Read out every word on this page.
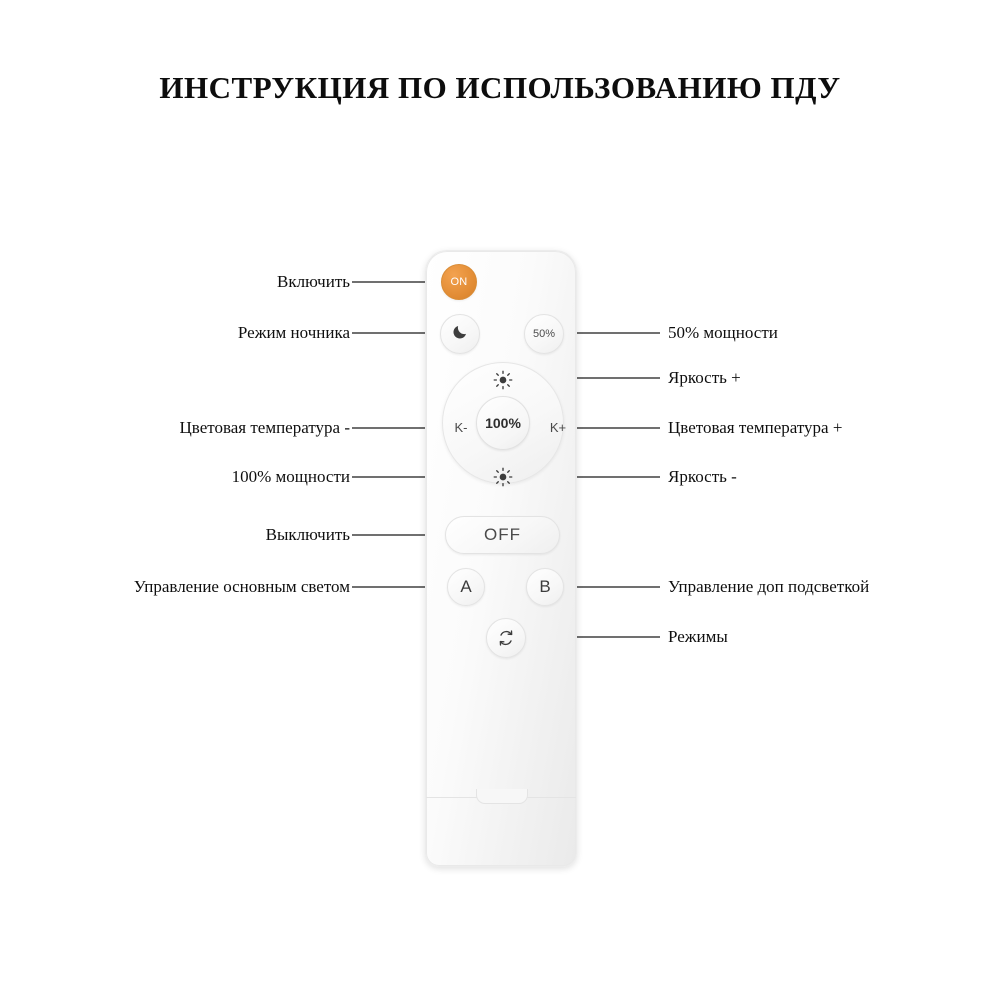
ИНСТРУКЦИЯ ПО ИСПОЛЬЗОВАНИЮ ПДУ
ON
50%
K-	K+
100%
OFF
A	B
Включить
Режим ночника
Цветовая температура -
100% мощности
Выключить
Управление основным светом
50% мощности
Яркость +
Цветовая температура +
Яркость -
Управление доп подсветкой
Режимы
